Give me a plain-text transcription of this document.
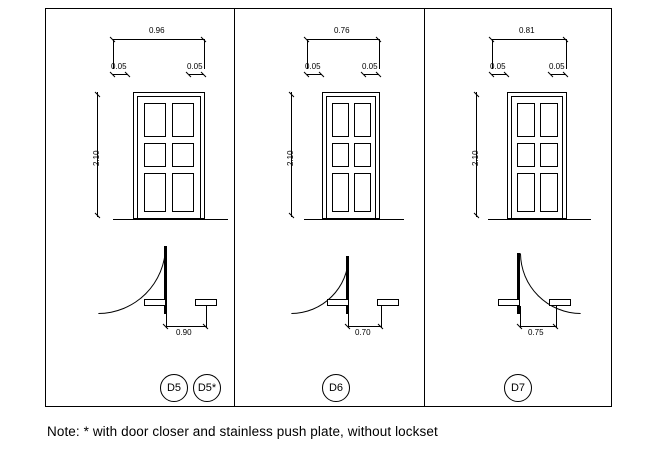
0.96
0.05	0.05
2.10
0.90
D5 D5*
0.76
0.05	0.05
2.10
0.70
D6
0.81
0.05	0.05
2.10
0.75
D7
Note: * with door closer and stainless push plate, without lockset
